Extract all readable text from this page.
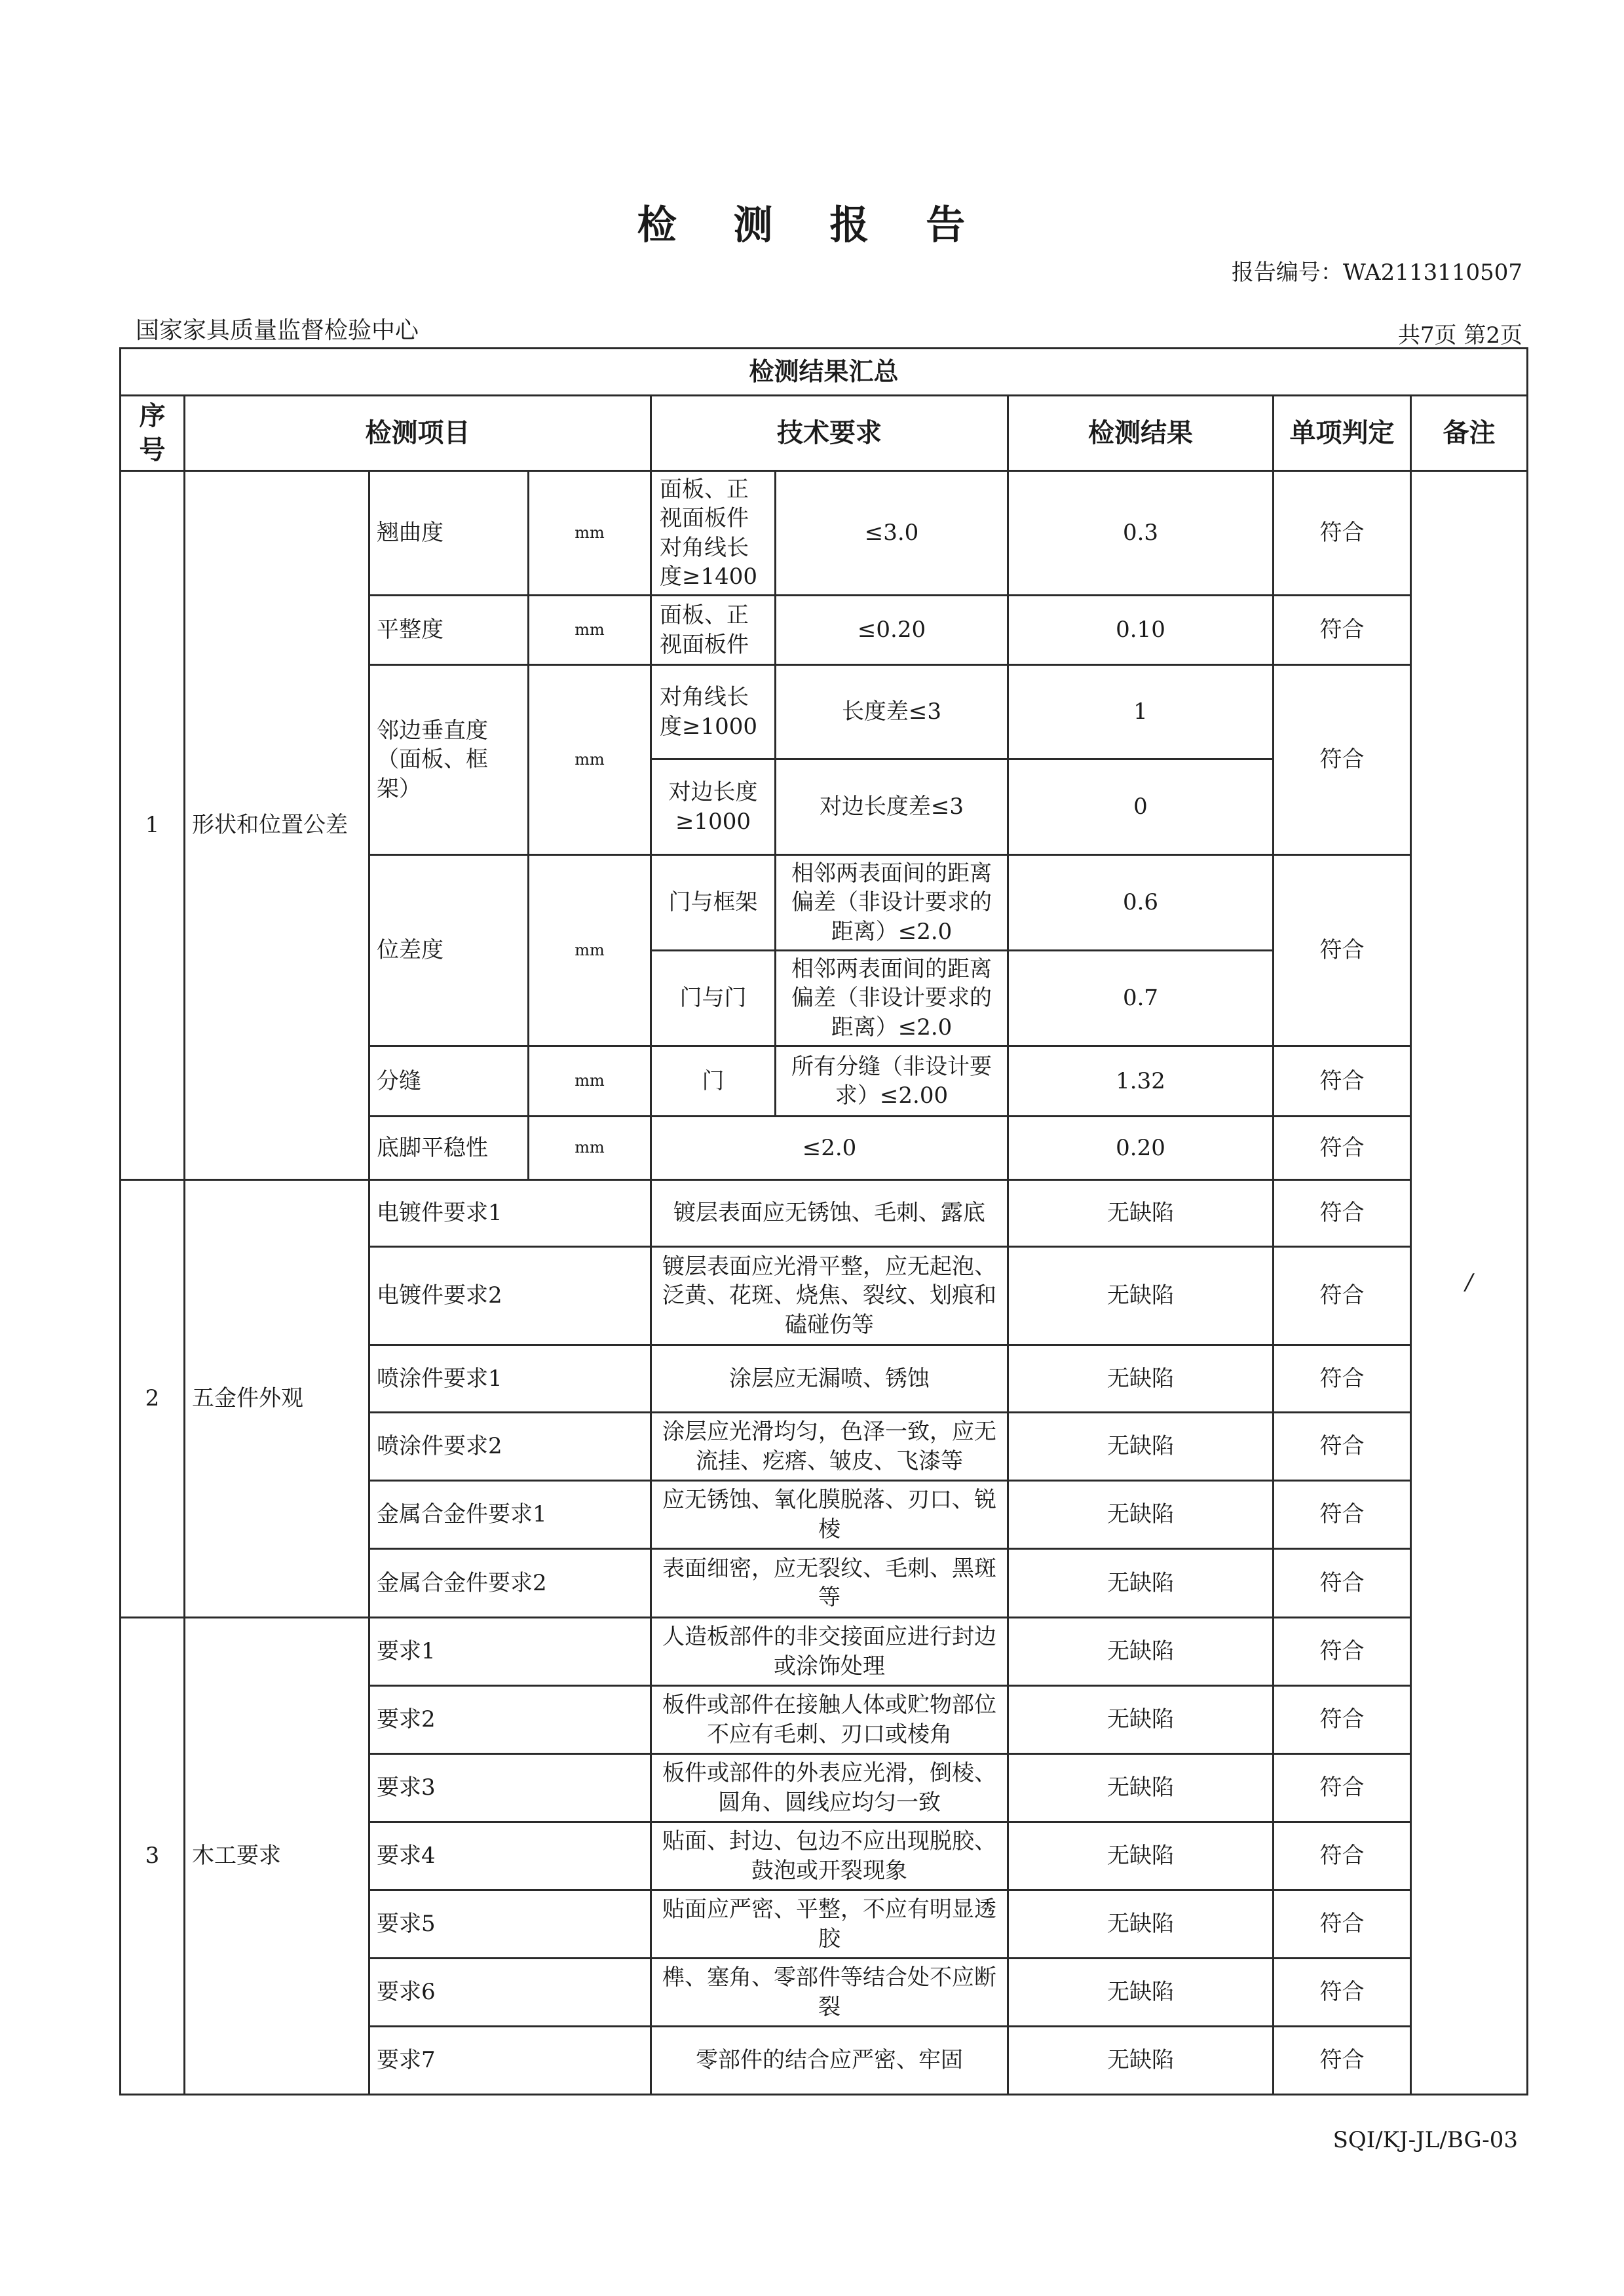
检 测 报 告
报告编号：WA2113110507
国家家具质量监督检验中心	共7页 第2页
检测结果汇总								
序号	检测项目			技术要求		检测结果	单项判定	备注
1	形状和位置公差	翘曲度	mm	面板、正视面板件对角线长度≥1400	≤3.0	0.3	符合	/
		平整度	mm	面板、正视面板件	≤0.20	0.10	符合	
		邻边垂直度（面板、框架）	mm	对角线长度≥1000	长度差≤3	1	符合	
				对边长度≥1000	对边长度差≤3	0		
		位差度	mm	门与框架	相邻两表面间的距离偏差（非设计要求的距离）≤2.0	0.6	符合	
				门与门	相邻两表面间的距离偏差（非设计要求的距离）≤2.0	0.7		
		分缝	mm	门	所有分缝（非设计要求）≤2.00	1.32	符合	
		底脚平稳性	mm	≤2.0		0.20	符合	
2	五金件外观	电镀件要求1		镀层表面应无锈蚀、毛刺、露底		无缺陷	符合	
		电镀件要求2		镀层表面应光滑平整，应无起泡、泛黄、花斑、烧焦、裂纹、划痕和磕碰伤等		无缺陷	符合	
		喷涂件要求1		涂层应无漏喷、锈蚀		无缺陷	符合	
		喷涂件要求2		涂层应光滑均匀，色泽一致，应无流挂、疙瘩、皱皮、飞漆等		无缺陷	符合	
		金属合金件要求1		应无锈蚀、氧化膜脱落、刃口、锐棱		无缺陷	符合	
		金属合金件要求2		表面细密，应无裂纹、毛刺、黑斑等		无缺陷	符合	
3	木工要求	要求1		人造板部件的非交接面应进行封边或涂饰处理		无缺陷	符合	
		要求2		板件或部件在接触人体或贮物部位不应有毛刺、刃口或棱角		无缺陷	符合	
		要求3		板件或部件的外表应光滑，倒棱、圆角、圆线应均匀一致		无缺陷	符合	
		要求4		贴面、封边、包边不应出现脱胶、鼓泡或开裂现象		无缺陷	符合	
		要求5		贴面应严密、平整，不应有明显透胶		无缺陷	符合	
		要求6		榫、塞角、零部件等结合处不应断裂		无缺陷	符合	
		要求7		零部件的结合应严密、牢固		无缺陷	符合	
SQI/KJ-JL/BG-03
